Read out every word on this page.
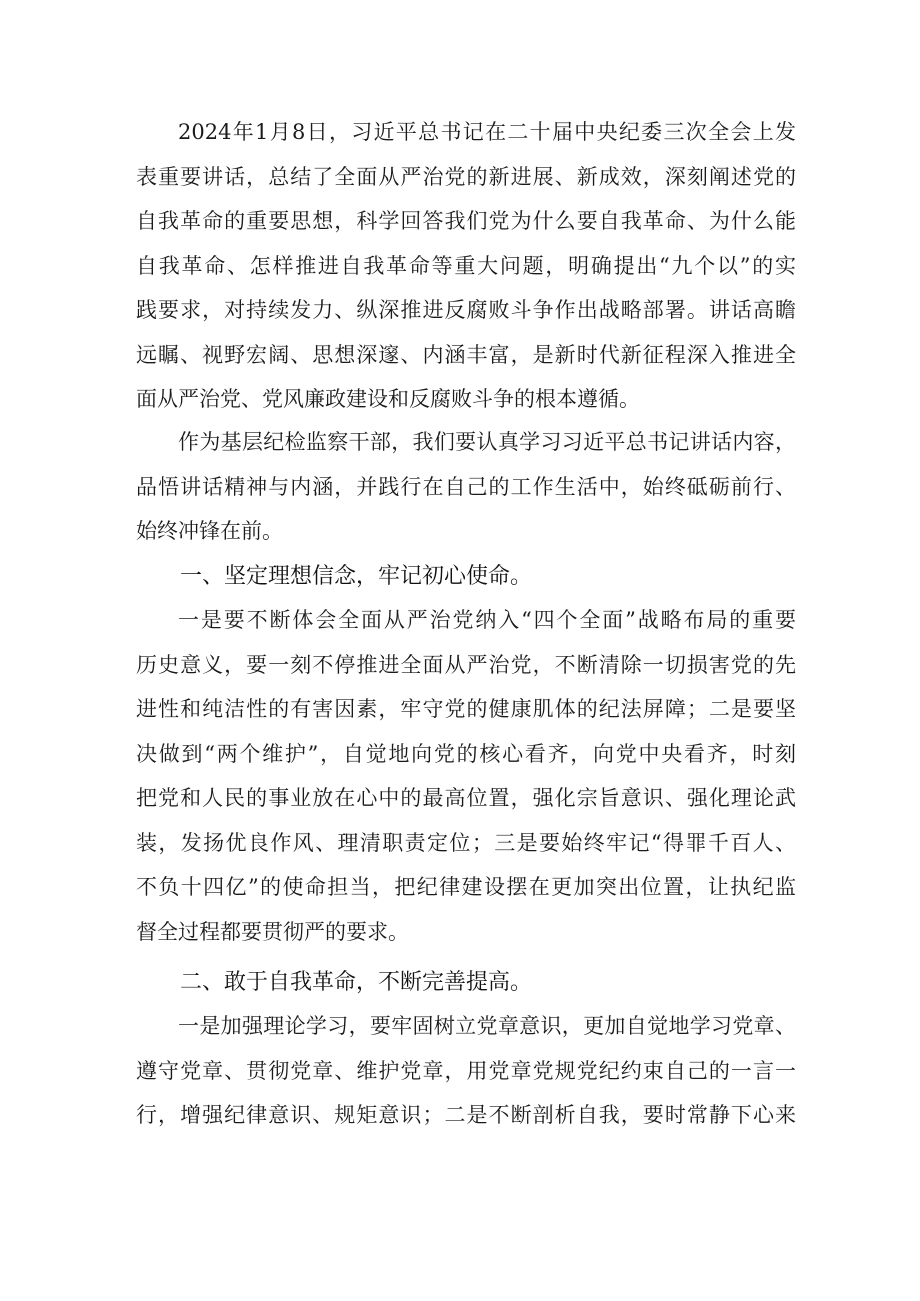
2024年1月8日，习近平总书记在二十届中央纪委三次全会上发
表重要讲话，总结了全面从严治党的新进展、新成效，深刻阐述党的
自我革命的重要思想，科学回答我们党为什么要自我革命、为什么能
自我革命、怎样推进自我革命等重大问题，明确提出“九个以”的实
践要求，对持续发力、纵深推进反腐败斗争作出战略部署。讲话高瞻
远瞩、视野宏阔、思想深邃、内涵丰富，是新时代新征程深入推进全
面从严治党、党风廉政建设和反腐败斗争的根本遵循。
作为基层纪检监察干部，我们要认真学习习近平总书记讲话内容，
品悟讲话精神与内涵，并践行在自己的工作生活中，始终砥砺前行、
始终冲锋在前。
一、坚定理想信念，牢记初心使命。
一是要不断体会全面从严治党纳入“四个全面”战略布局的重要
历史意义，要一刻不停推进全面从严治党，不断清除一切损害党的先
进性和纯洁性的有害因素，牢守党的健康肌体的纪法屏障；二是要坚
决做到“两个维护”，自觉地向党的核心看齐，向党中央看齐，时刻
把党和人民的事业放在心中的最高位置，强化宗旨意识、强化理论武
装，发扬优良作风、理清职责定位；三是要始终牢记“得罪千百人、
不负十四亿”的使命担当，把纪律建设摆在更加突出位置，让执纪监
督全过程都要贯彻严的要求。
二、敢于自我革命，不断完善提高。
一是加强理论学习，要牢固树立党章意识，更加自觉地学习党章、
遵守党章、贯彻党章、维护党章，用党章党规党纪约束自己的一言一
行，增强纪律意识、规矩意识；二是不断剖析自我，要时常静下心来
